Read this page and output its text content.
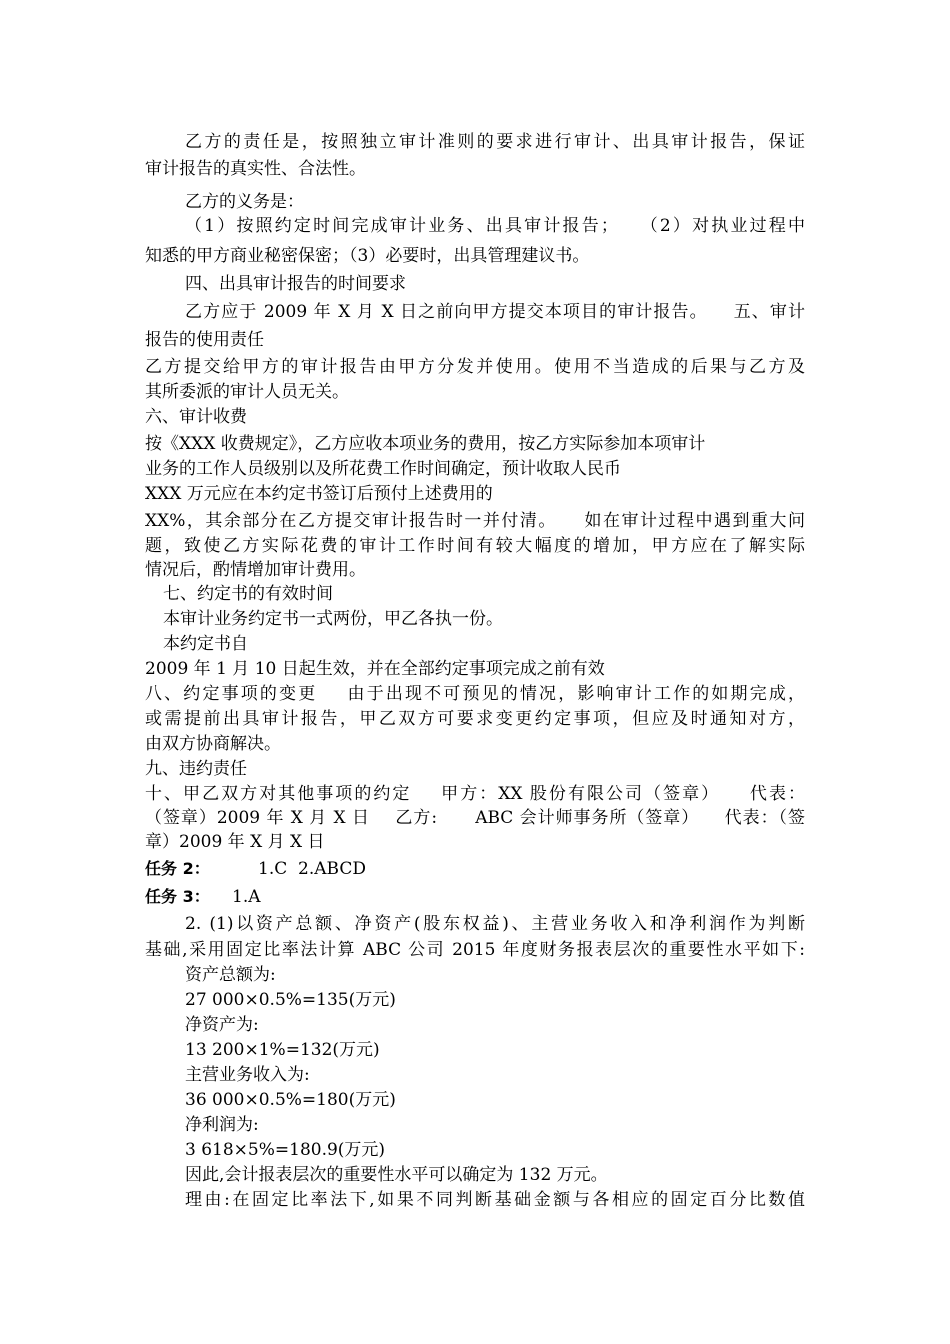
乙方的责任是，按照独立审计准则的要求进行审计、出具审计报告，保证
审计报告的真实性、合法性。
乙方的义务是：
（1）按照约定时间完成审计业务、出具审计报告；   （2）对执业过程中
知悉的甲方商业秘密保密；（3）必要时，出具管理建议书。
四、出具审计报告的时间要求
乙方应于 2009 年 X 月 X 日之前向甲方提交本项目的审计报告。    五、审计
报告的使用责任
乙方提交给甲方的审计报告由甲方分发并使用。使用不当造成的后果与乙方及
其所委派的审计人员无关。
六、审计收费
按《XXX 收费规定》，乙方应收本项业务的费用，按乙方实际参加本项审计
业务的工作人员级别以及所花费工作时间确定，预计收取人民币
XXX 万元应在本约定书签订后预付上述费用的
XX%，其余部分在乙方提交审计报告时一并付清。    如在审计过程中遇到重大问
题，致使乙方实际花费的审计工作时间有较大幅度的增加，甲方应在了解实际
情况后，酌情增加审计费用。
七、约定书的有效时间
本审计业务约定书一式两份，甲乙各执一份。
本约定书自
2009 年 1 月 10 日起生效，并在全部约定事项完成之前有效
八、约定事项的变更    由于出现不可预见的情况，影响审计工作的如期完成，
或需提前出具审计报告，甲乙双方可要求变更约定事项，但应及时通知对方，
由双方协商解决。
九、违约责任
十、甲乙双方对其他事项的约定    甲方：XX 股份有限公司（签章）    代表：
（签章）2009 年 X 月 X 日    乙方:      ABC 会计师事务所（签章）    代表：（签
章）2009 年 X 月 X 日
任务 2：	1.C  2.ABCD
任务 3： 1.A
2. (1)以资产总额、净资产(股东权益)、主营业务收入和净利润作为判断
基础,采用固定比率法计算 ABC 公司 2015 年度财务报表层次的重要性水平如下:
资产总额为:
27 000×0.5%=135(万元)
净资产为:
13 200×1%=132(万元)
主营业务收入为:
36 000×0.5%=180(万元)
净利润为:
3 618×5%=180.9(万元)
因此,会计报表层次的重要性水平可以确定为 132 万元。
理由:在固定比率法下,如果不同判断基础金额与各相应的固定百分比数值
